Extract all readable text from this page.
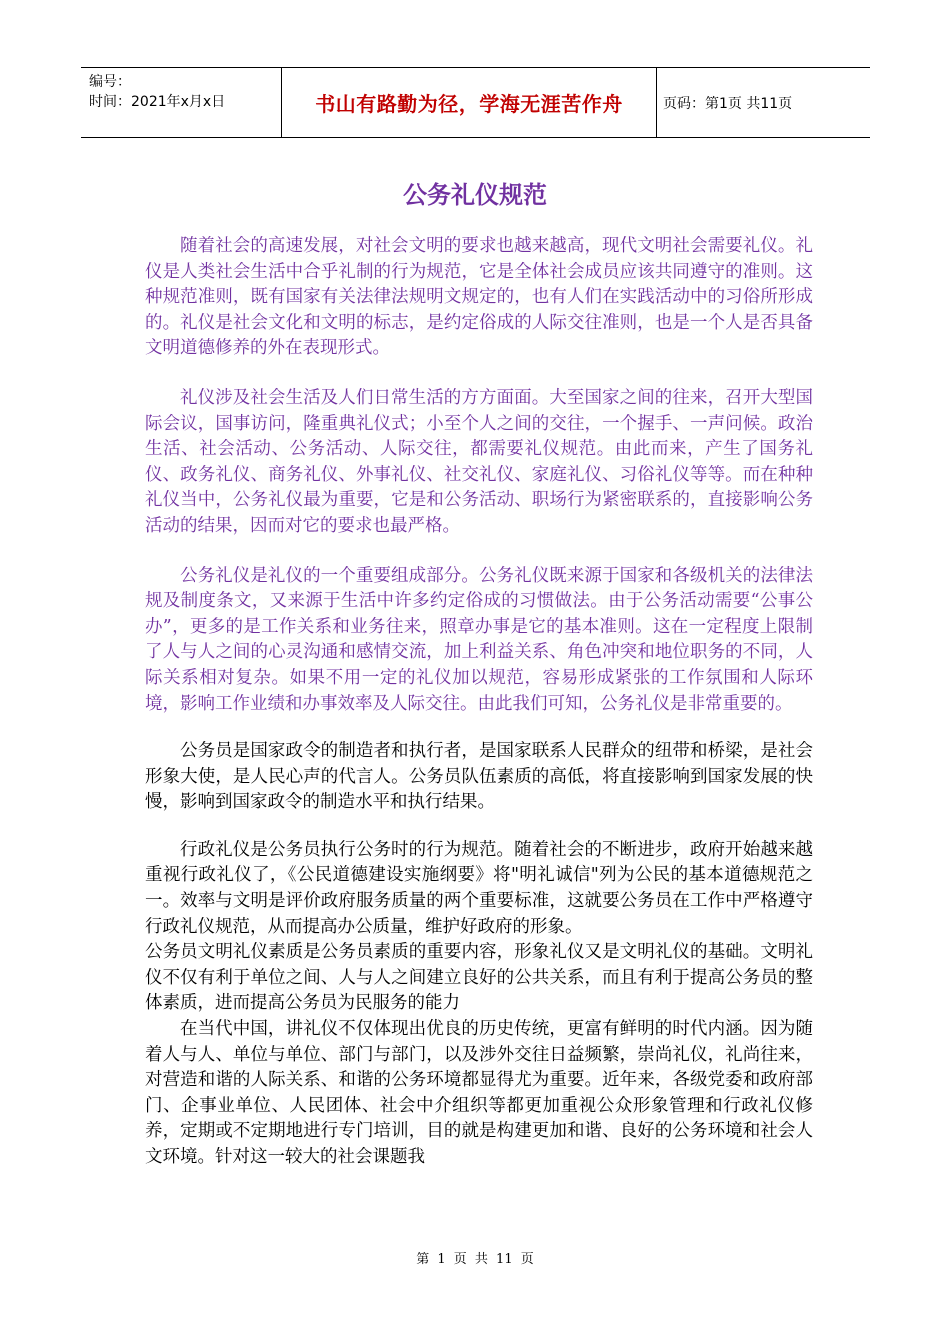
编号：
时间：2021年x月x日	书山有路勤为径，学海无涯苦作舟	页码：第1页 共11页
公务礼仪规范

随着社会的高速发展，对社会文明的要求也越来越高，现代文明社会需要礼仪。礼仪是人类社会生活中合乎礼制的行为规范，它是全体社会成员应该共同遵守的准则。这种规范准则，既有国家有关法律法规明文规定的，也有人们在实践活动中的习俗所形成的。礼仪是社会文化和文明的标志，是约定俗成的人际交往准则，也是一个人是否具备文明道德修养的外在表现形式。

礼仪涉及社会生活及人们日常生活的方方面面。大至国家之间的往来，召开大型国际会议，国事访问，隆重典礼仪式；小至个人之间的交往，一个握手、一声问候。政治生活、社会活动、公务活动、人际交往，都需要礼仪规范。由此而来，产生了国务礼仪、政务礼仪、商务礼仪、外事礼仪、社交礼仪、家庭礼仪、习俗礼仪等等。而在种种礼仪当中，公务礼仪最为重要，它是和公务活动、职场行为紧密联系的，直接影响公务活动的结果，因而对它的要求也最严格。

公务礼仪是礼仪的一个重要组成部分。公务礼仪既来源于国家和各级机关的法律法规及制度条文，又来源于生活中许多约定俗成的习惯做法。由于公务活动需要“公事公办”，更多的是工作关系和业务往来，照章办事是它的基本准则。这在一定程度上限制了人与人之间的心灵沟通和感情交流，加上利益关系、角色冲突和地位职务的不同，人际关系相对复杂。如果不用一定的礼仪加以规范，容易形成紧张的工作氛围和人际环境，影响工作业绩和办事效率及人际交往。由此我们可知，公务礼仪是非常重要的。

公务员是国家政令的制造者和执行者，是国家联系人民群众的纽带和桥梁，是社会形象大使，是人民心声的代言人。公务员队伍素质的高低，将直接影响到国家发展的快慢，影响到国家政令的制造水平和执行结果。

行政礼仪是公务员执行公务时的行为规范。随着社会的不断进步，政府开始越来越重视行政礼仪了，《公民道德建设实施纲要》将"明礼诚信"列为公民的基本道德规范之一。效率与文明是评价政府服务质量的两个重要标准，这就要公务员在工作中严格遵守行政礼仪规范，从而提高办公质量，维护好政府的形象。

公务员文明礼仪素质是公务员素质的重要内容，形象礼仪又是文明礼仪的基础。文明礼仪不仅有利于单位之间、人与人之间建立良好的公共关系，而且有利于提高公务员的整体素质，进而提高公务员为民服务的能力

在当代中国，讲礼仪不仅体现出优良的历史传统，更富有鲜明的时代内涵。因为随着人与人、单位与单位、部门与部门，以及涉外交往日益频繁，崇尚礼仪，礼尚往来，对营造和谐的人际关系、和谐的公务环境都显得尤为重要。近年来，各级党委和政府部门、企事业单位、人民团体、社会中介组织等都更加重视公众形象管理和行政礼仪修养，定期或不定期地进行专门培训，目的就是构建更加和谐、良好的公务环境和社会人文环境。针对这一较大的社会课题我

第 1 页 共 11 页
